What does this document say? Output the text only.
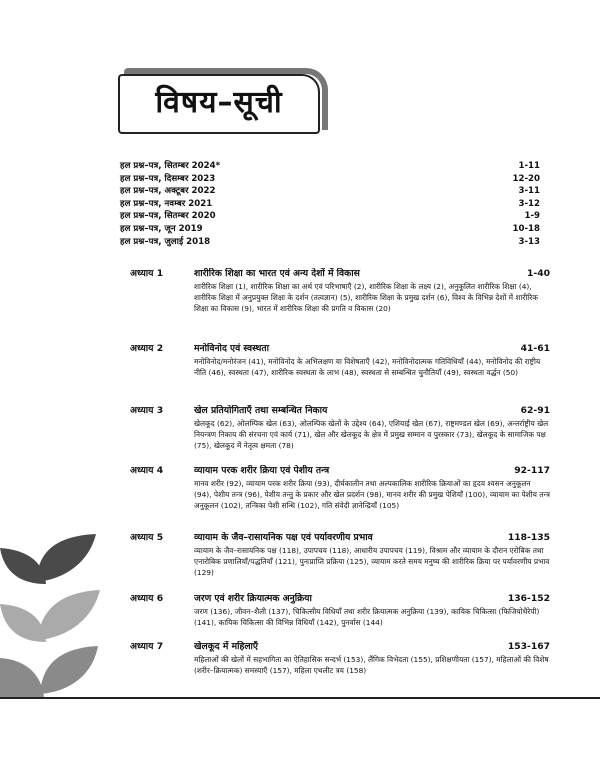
विषय–सूची
हल प्रश्न–पत्र, सितम्बर 2024*	1-11
हल प्रश्न–पत्र, दिसम्बर 2023	12-20
हल प्रश्न–पत्र, अक्टूबर 2022	3-11
हल प्रश्न–पत्र, नवम्बर 2021	3-12
हल प्रश्न–पत्र, सितम्बर 2020	1-9
हल प्रश्न–पत्र, जून 2019	10-18
हल प्रश्न–पत्र, जुलाई 2018	3-13
अध्याय 1	शारीरिक शिक्षा का भारत एवं अन्य देशों में विकास	1-40
शारीरिक शिक्षा (1), शारीरिक शिक्षा का अर्थ एवं परिभाषाएँ (2), शारीरिक शिक्षा के लक्ष्य (2), अनुकूलित शारीरिक शिक्षा (4), शारीरिक शिक्षा में अनुप्रयुक्त शिक्षा के दर्शन (तत्वज्ञान) (5), शारीरिक शिक्षा के प्रमुख दर्शन (6), विश्व के विभिन्न देशों में शारीरिक शिक्षा का विकास (9), भारत में शारीरिक शिक्षा की प्रगति व विकास (20)
अध्याय 2	मनोविनोद एवं स्वस्थता	41-61
मनोविनोद/मनोरंजन (41), मनोविनोद के अभिलक्षण या विशेषताएँ (42), मनोविनोदात्मक गतिविधियाँ (44), मनोविनोद की राष्ट्रीय नीति (46), स्वस्थता (47), शारीरिक स्वस्थता के लाभ (48), स्वस्थता से सम्बन्धित चुनौतियाँ (49), स्वस्थता वर्द्धन (50)
अध्याय 3	खेल प्रतियोगिताएँ तथा सम्बन्धित निकाय	62-91
खेलकूद (62), ओलम्पिक खेल (63), ओलम्पिक खेलों के उद्देश्य (64), एशियाई खेल (67), राष्ट्रमण्डल खेल (69), अन्तर्राष्ट्रीय खेल नियन्त्रण निकाय की संरचना एवं कार्य (71), खेल और खेलकूद के क्षेत्र में प्रमुख सम्मान व पुरस्कार (73), खेलकूद के सामाजिक पक्ष (75), खेलकूद में नेतृत्व क्षमता (78)
अध्याय 4	व्यायाम परक शरीर क्रिया एवं पेशीय तन्त्र	92-117
मानव शरीर (92), व्यायाम परक शरीर क्रिया (93), दीर्घकालीन तथा अल्पकालिक शारीरिक क्रियाओं का हृदय श्वसन अनुकूलन (94), पेशीय तन्त्र (96), पेशीय तन्तु के प्रकार और खेल प्रदर्शन (98), मानव शरीर की प्रमुख पेशियाँ (100), व्यायाम का पेशीय तन्त्र अनुकूलन (102), तन्त्रिका पेशी सन्धि (102), गति संवेदी ज्ञानेन्द्रियाँ (105)
अध्याय 5	व्यायाम के जैव–रासायनिक पक्ष एवं पर्यावरणीय प्रभाव	118-135
व्यायाम के जैव–रासायनिक पक्ष (118), उपापचय (118), आधारीय उपापचय (119), विश्राम और व्यायाम के दौरान एरोबिक तथा एनारोबिक प्रणालियाँ/पद्धतियाँ (121), पुनःप्राप्ति प्रक्रिया (125), व्यायाम करते समय मनुष्य की शारीरिक क्रिया पर पर्यावरणीय प्रभाव (129)
अध्याय 6	जरण एवं शरीर क्रियात्मक अनुक्रिया	136-152
जरण (136), जीवन–शैली (137), चिकित्सीय विधियाँ तथा शरीर क्रियात्मक अनुक्रिया (139), कायिक चिकित्सा (फिजियोथैरेपी) (141), कायिक चिकित्सा की विभिन्न विधियाँ (142), पुनर्वास (144)
अध्याय 7	खेलकूद में महिलाएँ	153-167
महिलाओं की खेलों में सहभागिता का ऐतिहासिक सन्दर्भ (153), लैंगिक विभेदता (155), प्रशिक्षणीयता (157), महिलाओं की विशेष (शरीर–क्रियात्मक) समस्याएँ (157), महिला एथलीट त्रय (158)
